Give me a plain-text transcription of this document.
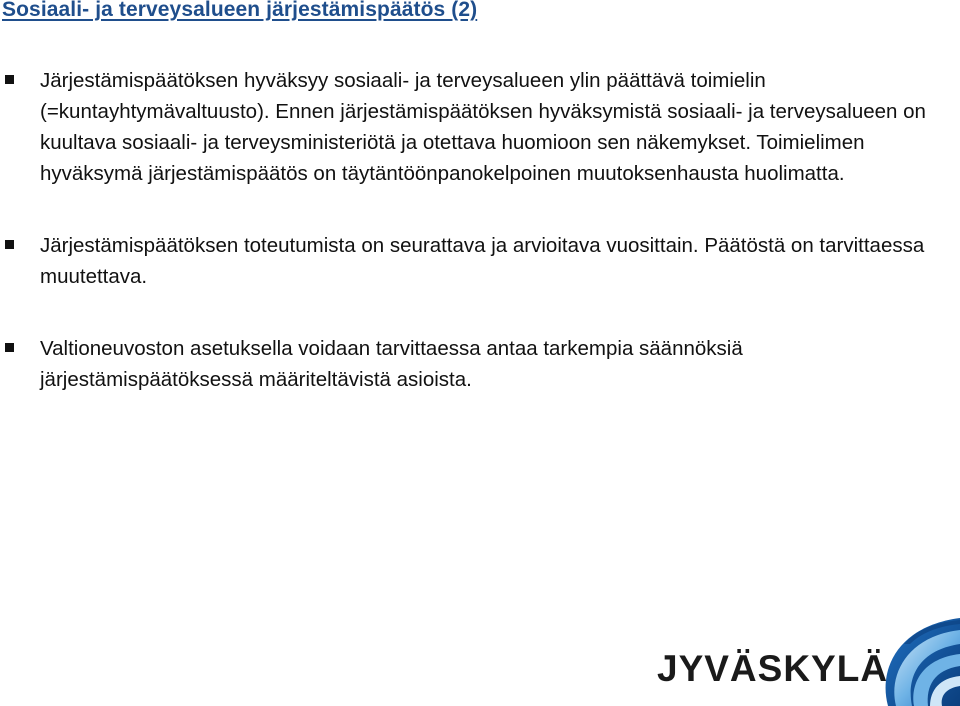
Sosiaali- ja terveysalueen järjestämispäätös (2)
Järjestämispäätöksen hyväksyy sosiaali- ja terveysalueen ylin päättävä toimielin (=kuntayhtymävaltuusto). Ennen järjestämispäätöksen hyväksymistä sosiaali- ja terveysalueen on kuultava sosiaali- ja terveysministeriötä ja otettava huomioon sen näkemykset. Toimielimen hyväksymä järjestämispäätös on täytäntöönpanokelpoinen muutoksenhausta huolimatta.
Järjestämispäätöksen toteutumista on seurattava ja arvioitava vuosittain. Päätöstä on tarvittaessa muutettava.
Valtioneuvoston asetuksella voidaan tarvittaessa antaa tarkempia säännöksiä järjestämispäätöksessä määriteltävistä asioista.
JYVÄSKYLÄ
